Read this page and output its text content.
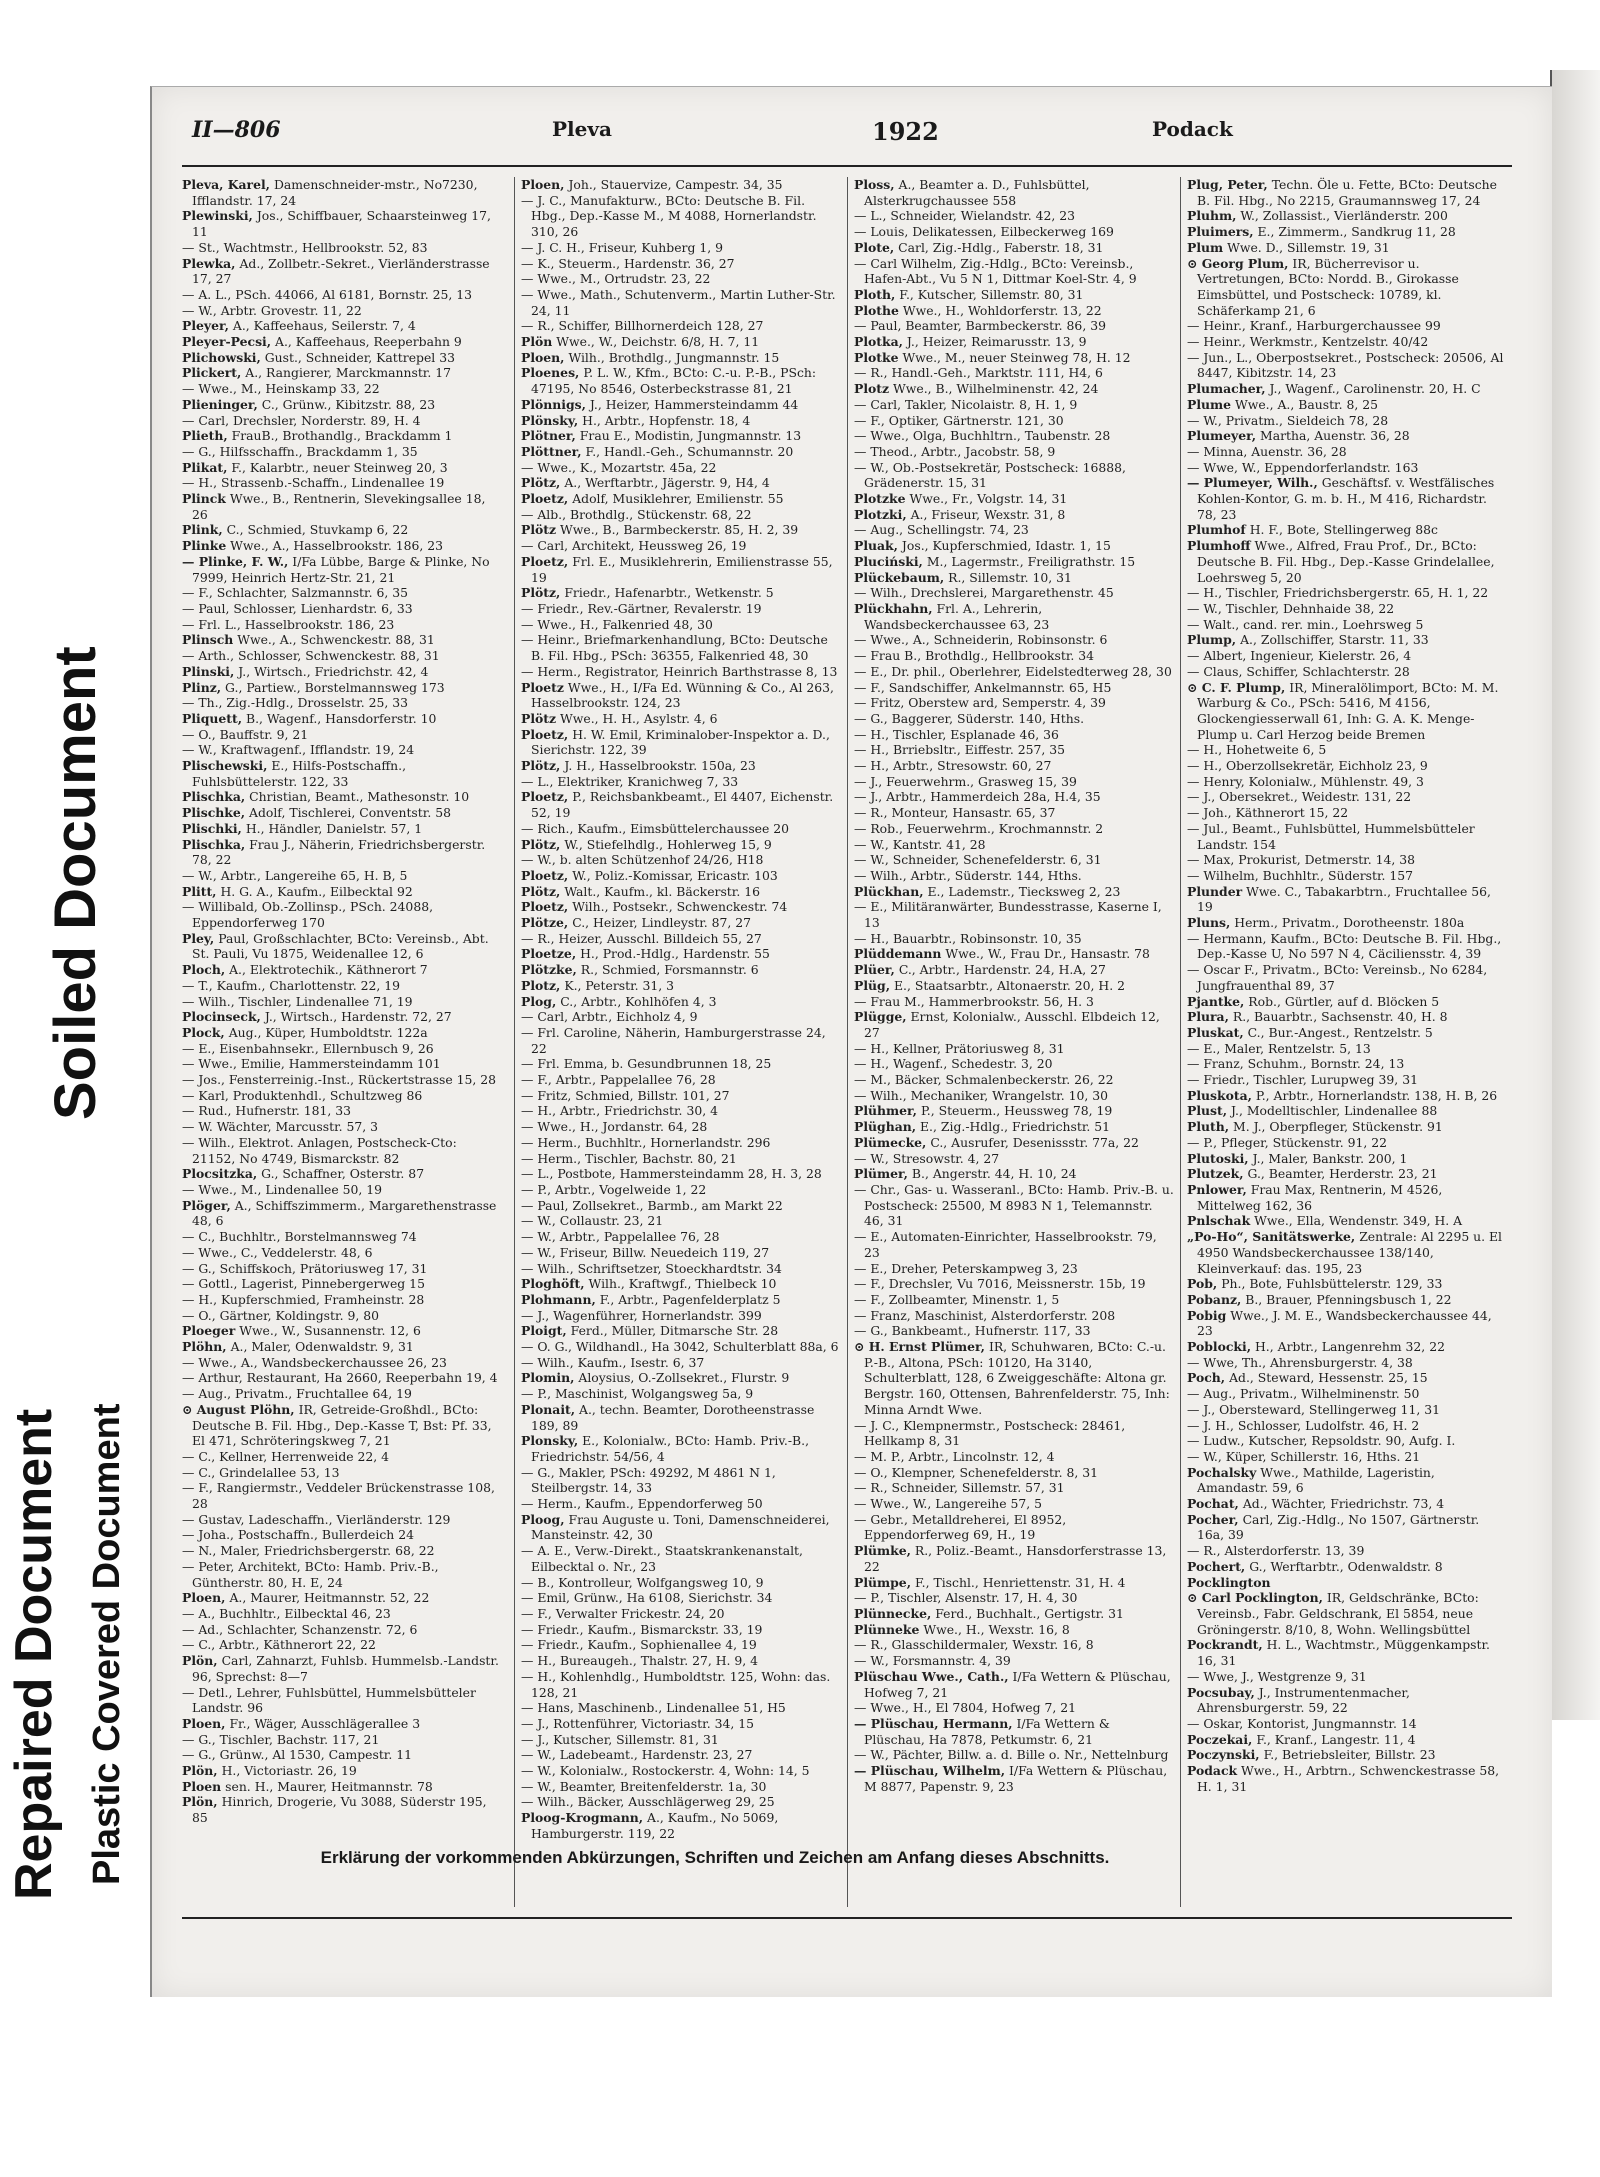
Soiled Document
Repaired Document Plastic Covered Document
II—806	Pleva	1922	Podack

Pleva, Karel, Damenschneider-mstr., No7230, Ifflandstr. 17, 24

Plewinski, Jos., Schiffbauer, Schaarsteinweg 17, 11

— St., Wachtmstr., Hellbrookstr. 52, 83

Plewka, Ad., Zollbetr.-Sekret., Vierländerstrasse 17, 27

— A. L., PSch. 44066, Al 6181, Bornstr. 25, 13

— W., Arbtr. Grovestr. 11, 22

Pleyer, A., Kaffeehaus, Seilerstr. 7, 4

Pleyer-Pecsi, A., Kaffeehaus, Reeperbahn 9

Plichowski, Gust., Schneider, Kattrepel 33

Plickert, A., Rangierer, Marckmannstr. 17

— Wwe., M., Heinskamp 33, 22

Plieninger, C., Grünw., Kibitzstr. 88, 23

— Carl, Drechsler, Norderstr. 89, H. 4

Plieth, FrauB., Brothandlg., Brackdamm 1

— G., Hilfsschaffn., Brackdamm 1, 35

Plikat, F., Kalarbtr., neuer Steinweg 20, 3

— H., Strassenb.-Schaffn., Lindenallee 19

Plinck Wwe., B., Rentnerin, Slevekingsallee 18, 26

Plink, C., Schmied, Stuvkamp 6, 22

Plinke Wwe., A., Hasselbrookstr. 186, 23

— Plinke, F. W., I/Fa Lübbe, Barge & Plinke, No 7999, Heinrich Hertz-Str. 21, 21

— F., Schlachter, Salzmannstr. 6, 35

— Paul, Schlosser, Lienhardstr. 6, 33

— Frl. L., Hasselbrookstr. 186, 23

Plinsch Wwe., A., Schwenckestr. 88, 31

— Arth., Schlosser, Schwenckestr. 88, 31

Plinski, J., Wirtsch., Friedrichstr. 42, 4

Plinz, G., Partiew., Borstelmannsweg 173

— Th., Zig.-Hdlg., Drosselstr. 25, 33

Pliquett, B., Wagenf., Hansdorferstr. 10

— O., Bauffstr. 9, 21

— W., Kraftwagenf., Ifflandstr. 19, 24

Plischewski, E., Hilfs-Postschaffn., Fuhlsbüttelerstr. 122, 33

Plischka, Christian, Beamt., Mathesonstr. 10

Plischke, Adolf, Tischlerei, Conventstr. 58

Plischki, H., Händler, Danielstr. 57, 1

Plischka, Frau J., Näherin, Friedrichsbergerstr. 78, 22

— W., Arbtr., Langereihe 65, H. B, 5

Plitt, H. G. A., Kaufm., Eilbecktal 92

— Willibald, Ob.-Zollinsp., PSch. 24088, Eppendorferweg 170

Pley, Paul, Großschlachter, BCto: Vereinsb., Abt. St. Pauli, Vu 1875, Weidenallee 12, 6

Ploch, A., Elektrotechik., Käthnerort 7

— T., Kaufm., Charlottenstr. 22, 19

— Wilh., Tischler, Lindenallee 71, 19

Plocinseck, J., Wirtsch., Hardenstr. 72, 27

Plock, Aug., Küper, Humboldtstr. 122a

— E., Eisenbahnsekr., Ellernbusch 9, 26

— Wwe., Emilie, Hammersteindamm 101

— Jos., Fensterreinig.-Inst., Rückertstrasse 15, 28

— Karl, Produktenhdl., Schultzweg 86

— Rud., Hufnerstr. 181, 33

— W. Wächter, Marcusstr. 57, 3

— Wilh., Elektrot. Anlagen, Postscheck-Cto: 21152, No 4749, Bismarckstr. 82

Plocsitzka, G., Schaffner, Osterstr. 87

— Wwe., M., Lindenallee 50, 19

Plöger, A., Schiffszimmerm., Margarethenstrasse 48, 6

— C., Buchhltr., Borstelmannsweg 74

— Wwe., C., Veddelerstr. 48, 6

— G., Schiffskoch, Prätoriusweg 17, 31

— Gottl., Lagerist, Pinnebergerweg 15

— H., Kupferschmied, Framheinstr. 28

— O., Gärtner, Koldingstr. 9, 80

Ploeger Wwe., W., Susannenstr. 12, 6

Plöhn, A., Maler, Odenwaldstr. 9, 31

— Wwe., A., Wandsbeckerchaussee 26, 23

— Arthur, Restaurant, Ha 2660, Reeperbahn 19, 4

— Aug., Privatm., Fruchtallee 64, 19

⊙ August Plöhn, IR, Getreide-Großhdl., BCto: Deutsche B. Fil. Hbg., Dep.-Kasse T, Bst: Pf. 33, El 471, Schröteringskweg 7, 21

— C., Kellner, Herrenweide 22, 4

— C., Grindelallee 53, 13

— F., Rangiermstr., Veddeler Brückenstrasse 108, 28

— Gustav, Ladeschaffn., Vierländerstr. 129

— Joha., Postschaffn., Bullerdeich 24

— N., Maler, Friedrichsbergerstr. 68, 22

— Peter, Architekt, BCto: Hamb. Priv.-B., Güntherstr. 80, H. E, 24

Ploen, A., Maurer, Heitmannstr. 52, 22

— A., Buchhltr., Eilbecktal 46, 23

— Ad., Schlachter, Schanzenstr. 72, 6

— C., Arbtr., Käthnerort 22, 22

Plön, Carl, Zahnarzt, Fuhlsb. Hummelsb.-Landstr. 96, Sprechst: 8—7

— Detl., Lehrer, Fuhlsbüttel, Hummelsbütteler Landstr. 96

Ploen, Fr., Wäger, Ausschlägerallee 3

— G., Tischler, Bachstr. 117, 21

— G., Grünw., Al 1530, Campestr. 11

Plön, H., Victoriastr. 26, 19

Ploen sen. H., Maurer, Heitmannstr. 78

Plön, Hinrich, Drogerie, Vu 3088, Süderstr 195, 85

Ploen, Joh., Stauervize, Campestr. 34, 35

— J. C., Manufakturw., BCto: Deutsche B. Fil. Hbg., Dep.-Kasse M., M 4088, Hornerlandstr. 310, 26

— J. C. H., Friseur, Kuhberg 1, 9

— K., Steuerm., Hardenstr. 36, 27

— Wwe., M., Ortrudstr. 23, 22

— Wwe., Math., Schutenverm., Martin Luther-Str. 24, 11

— R., Schiffer, Billhornerdeich 128, 27

Plön Wwe., W., Deichstr. 6/8, H. 7, 11

Ploen, Wilh., Brothdlg., Jungmannstr. 15

Ploenes, P. L. W., Kfm., BCto: C.-u. P.-B., PSch: 47195, No 8546, Osterbeckstrasse 81, 21

Plönnigs, J., Heizer, Hammersteindamm 44

Plönsky, H., Arbtr., Hopfenstr. 18, 4

Plötner, Frau E., Modistin, Jungmannstr. 13

Plöttner, F., Handl.-Geh., Schumannstr. 20

— Wwe., K., Mozartstr. 45a, 22

Plötz, A., Werftarbtr., Jägerstr. 9, H4, 4

Ploetz, Adolf, Musiklehrer, Emilienstr. 55

— Alb., Brothdlg., Stückenstr. 68, 22

Plötz Wwe., B., Barmbeckerstr. 85, H. 2, 39

— Carl, Architekt, Heussweg 26, 19

Ploetz, Frl. E., Musiklehrerin, Emilienstrasse 55, 19

Plötz, Friedr., Hafenarbtr., Wetkenstr. 5

— Friedr., Rev.-Gärtner, Revalerstr. 19

— Wwe., H., Falkenried 48, 30

— Heinr., Briefmarkenhandlung, BCto: Deutsche B. Fil. Hbg., PSch: 36355, Falkenried 48, 30

— Herm., Registrator, Heinrich Barthstrasse 8, 13

Ploetz Wwe., H., I/Fa Ed. Wünning & Co., Al 263, Hasselbrookstr. 124, 23

Plötz Wwe., H. H., Asylstr. 4, 6

Ploetz, H. W. Emil, Kriminalober-Inspektor a. D., Sierichstr. 122, 39

Plötz, J. H., Hasselbrookstr. 150a, 23

— L., Elektriker, Kranichweg 7, 33

Ploetz, P., Reichsbankbeamt., El 4407, Eichenstr. 52, 19

— Rich., Kaufm., Eimsbüttelerchaussee 20

Plötz, W., Stiefelhdlg., Hohlerweg 15, 9

— W., b. alten Schützenhof 24/26, H18

Ploetz, W., Poliz.-Komissar, Ericastr. 103

Plötz, Walt., Kaufm., kl. Bäckerstr. 16

Ploetz, Wilh., Postsekr., Schwenckestr. 74

Plötze, C., Heizer, Lindleystr. 87, 27

— R., Heizer, Ausschl. Billdeich 55, 27

Ploetze, H., Prod.-Hdlg., Hardenstr. 55

Plötzke, R., Schmied, Forsmannstr. 6

Plotz, K., Peterstr. 31, 3

Plog, C., Arbtr., Kohlhöfen 4, 3

— Carl, Arbtr., Eichholz 4, 9

— Frl. Caroline, Näherin, Hamburgerstrasse 24, 22

— Frl. Emma, b. Gesundbrunnen 18, 25

— F., Arbtr., Pappelallee 76, 28

— Fritz, Schmied, Billstr. 101, 27

— H., Arbtr., Friedrichstr. 30, 4

— Wwe., H., Jordanstr. 64, 28

— Herm., Buchhltr., Hornerlandstr. 296

— Herm., Tischler, Bachstr. 80, 21

— L., Postbote, Hammersteindamm 28, H. 3, 28

— P., Arbtr., Vogelweide 1, 22

— Paul, Zollsekret., Barmb., am Markt 22

— W., Collaustr. 23, 21

— W., Arbtr., Pappelallee 76, 28

— W., Friseur, Billw. Neuedeich 119, 27

— Wilh., Schriftsetzer, Stoeckhardtstr. 34

Ploghöft, Wilh., Kraftwgf., Thielbeck 10

Plohmann, F., Arbtr., Pagenfelderplatz 5

— J., Wagenführer, Hornerlandstr. 399

Ploigt, Ferd., Müller, Ditmarsche Str. 28

— O. G., Wildhandl., Ha 3042, Schulterblatt 88a, 6

— Wilh., Kaufm., Isestr. 6, 37

Plomin, Aloysius, O.-Zollsekret., Flurstr. 9

— P., Maschinist, Wolgangsweg 5a, 9

Plonait, A., techn. Beamter, Dorotheenstrasse 189, 89

Plonsky, E., Kolonialw., BCto: Hamb. Priv.-B., Friedrichstr. 54/56, 4

— G., Makler, PSch: 49292, M 4861 N 1, Steilbergstr. 14, 33

— Herm., Kaufm., Eppendorferweg 50

Ploog, Frau Auguste u. Toni, Damenschneiderei, Mansteinstr. 42, 30

— A. E., Verw.-Direkt., Staatskrankenanstalt, Eilbecktal o. Nr., 23

— B., Kontrolleur, Wolfgangsweg 10, 9

— Emil, Grünw., Ha 6108, Sierichstr. 34

— F., Verwalter Frickestr. 24, 20

— Friedr., Kaufm., Bismarckstr. 33, 19

— Friedr., Kaufm., Sophienallee 4, 19

— H., Bureaugeh., Thalstr. 27, H. 9, 4

— H., Kohlenhdlg., Humboldtstr. 125, Wohn: das. 128, 21

— Hans, Maschinenb., Lindenallee 51, H5

— J., Rottenführer, Victoriastr. 34, 15

— J., Kutscher, Sillemstr. 81, 31

— W., Ladebeamt., Hardenstr. 23, 27

— W., Kolonialw., Rostockerstr. 4, Wohn: 14, 5

— W., Beamter, Breitenfelderstr. 1a, 30

— Wilh., Bäcker, Ausschlägerweg 29, 25

Ploog-Krogmann, A., Kaufm., No 5069, Hamburgerstr. 119, 22

Ploss, A., Beamter a. D., Fuhlsbüttel, Alsterkrugchaussee 558

— L., Schneider, Wielandstr. 42, 23

— Louis, Delikatessen, Eilbeckerweg 169

Plote, Carl, Zig.-Hdlg., Faberstr. 18, 31

— Carl Wilhelm, Zig.-Hdlg., BCto: Vereinsb., Hafen-Abt., Vu 5 N 1, Dittmar Koel-Str. 4, 9

Ploth, F., Kutscher, Sillemstr. 80, 31

Plothe Wwe., H., Wohldorferstr. 13, 22

— Paul, Beamter, Barmbeckerstr. 86, 39

Plotka, J., Heizer, Reimarusstr. 13, 9

Plotke Wwe., M., neuer Steinweg 78, H. 12

— R., Handl.-Geh., Marktstr. 111, H4, 6

Plotz Wwe., B., Wilhelminenstr. 42, 24

— Carl, Takler, Nicolaistr. 8, H. 1, 9

— F., Optiker, Gärtnerstr. 121, 30

— Wwe., Olga, Buchhltrn., Taubenstr. 28

— Theod., Arbtr., Jacobstr. 58, 9

— W., Ob.-Postsekretär, Postscheck: 16888, Grädenerstr. 15, 31

Plotzke Wwe., Fr., Volgstr. 14, 31

Plotzki, A., Friseur, Wexstr. 31, 8

— Aug., Schellingstr. 74, 23

Pluak, Jos., Kupferschmied, Idastr. 1, 15

Pluciński, M., Lagermstr., Freiligrathstr. 15

Plückebaum, R., Sillemstr. 10, 31

— Wilh., Drechslerei, Margarethenstr. 45

Plückhahn, Frl. A., Lehrerin, Wandsbeckerchaussee 63, 23

— Wwe., A., Schneiderin, Robinsonstr. 6

— Frau B., Brothdlg., Hellbrookstr. 34

— E., Dr. phil., Oberlehrer, Eidelstedterweg 28, 30

— F., Sandschiffer, Ankelmannstr. 65, H5

— Fritz, Oberstew ard, Semperstr. 4, 39

— G., Baggerer, Süderstr. 140, Hths.

— H., Tischler, Esplanade 46, 36

— H., Brriebsltr., Eiffestr. 257, 35

— H., Arbtr., Stresowstr. 60, 27

— J., Feuerwehrm., Grasweg 15, 39

— J., Arbtr., Hammerdeich 28a, H.4, 35

— R., Monteur, Hansastr. 65, 37

— Rob., Feuerwehrm., Krochmannstr. 2

— W., Kantstr. 41, 28

— W., Schneider, Schenefelderstr. 6, 31

— Wilh., Arbtr., Süderstr. 144, Hths.

Plückhan, E., Lademstr., Tiecksweg 2, 23

— E., Militäranwärter, Bundesstrasse, Kaserne I, 13

— H., Bauarbtr., Robinsonstr. 10, 35

Plüddemann Wwe., W., Frau Dr., Hansastr. 78

Plüer, C., Arbtr., Hardenstr. 24, H.A, 27

Plüg, E., Staatsarbtr., Altonaerstr. 20, H. 2

— Frau M., Hammerbrookstr. 56, H. 3

Plügge, Ernst, Kolonialw., Ausschl. Elbdeich 12, 27

— H., Kellner, Prätoriusweg 8, 31

— H., Wagenf., Schedestr. 3, 20

— M., Bäcker, Schmalenbeckerstr. 26, 22

— Wilh., Mechaniker, Wrangelstr. 10, 30

Plühmer, P., Steuerm., Heussweg 78, 19

Plüghan, E., Zig.-Hdlg., Friedrichstr. 51

Plümecke, C., Ausrufer, Desenissstr. 77a, 22

— W., Stresowstr. 4, 27

Plümer, B., Angerstr. 44, H. 10, 24

— Chr., Gas- u. Wasseranl., BCto: Hamb. Priv.-B. u. Postscheck: 25500, M 8983 N 1, Telemannstr. 46, 31

— E., Automaten-Einrichter, Hasselbrookstr. 79, 23

— E., Dreher, Peterskampweg 3, 23

— F., Drechsler, Vu 7016, Meissnerstr. 15b, 19

— F., Zollbeamter, Minenstr. 1, 5

— Franz, Maschinist, Alsterdorferstr. 208

— G., Bankbeamt., Hufnerstr. 117, 33

⊙ H. Ernst Plümer, IR, Schuhwaren, BCto: C.-u. P.-B., Altona, PSch: 10120, Ha 3140, Schulterblatt, 128, 6 Zweiggeschäfte: Altona gr. Bergstr. 160, Ottensen, Bahrenfelderstr. 75, Inh: Minna Arndt Wwe.

— J. C., Klempnermstr., Postscheck: 28461, Hellkamp 8, 31

— M. P., Arbtr., Lincolnstr. 12, 4

— O., Klempner, Schenefelderstr. 8, 31

— R., Schneider, Sillemstr. 57, 31

— Wwe., W., Langereihe 57, 5

— Gebr., Metalldreherei, El 8952, Eppendorferweg 69, H., 19

Plümke, R., Poliz.-Beamt., Hansdorferstrasse 13, 22

Plümpe, F., Tischl., Henriettenstr. 31, H. 4

— P., Tischler, Alsenstr. 17, H. 4, 30

Plünnecke, Ferd., Buchhalt., Gertigstr. 31

Plünneke Wwe., H., Wexstr. 16, 8

— R., Glasschildermaler, Wexstr. 16, 8

— W., Forsmannstr. 4, 39

Plüschau Wwe., Cath., I/Fa Wettern & Plüschau, Hofweg 7, 21

— Wwe., H., El 7804, Hofweg 7, 21

— Plüschau, Hermann, I/Fa Wettern & Plüschau, Ha 7878, Petkumstr. 6, 21

— W., Pächter, Billw. a. d. Bille o. Nr., Nettelnburg

— Plüschau, Wilhelm, I/Fa Wettern & Plüschau, M 8877, Papenstr. 9, 23

Plug, Peter, Techn. Öle u. Fette, BCto: Deutsche B. Fil. Hbg., No 2215, Graumannsweg 17, 24

Pluhm, W., Zollassist., Vierländerstr. 200

Pluimers, E., Zimmerm., Sandkrug 11, 28

Plum Wwe. D., Sillemstr. 19, 31

⊙ Georg Plum, IR, Bücherrevisor u. Vertretungen, BCto: Nordd. B., Girokasse Eimsbüttel, und Postscheck: 10789, kl. Schäferkamp 21, 6

— Heinr., Kranf., Harburgerchaussee 99

— Heinr., Werkmstr., Kentzelstr. 40/42

— Jun., L., Oberpostsekret., Postscheck: 20506, Al 8447, Kibitzstr. 14, 23

Plumacher, J., Wagenf., Carolinenstr. 20, H. C

Plume Wwe., A., Baustr. 8, 25

— W., Privatm., Sieldeich 78, 28

Plumeyer, Martha, Auenstr. 36, 28

— Minna, Auenstr. 36, 28

— Wwe, W., Eppendorferlandstr. 163

— Plumeyer, Wilh., Geschäftsf. v. Westfälisches Kohlen-Kontor, G. m. b. H., M 416, Richardstr. 78, 23

Plumhof H. F., Bote, Stellingerweg 88c

Plumhoff Wwe., Alfred, Frau Prof., Dr., BCto: Deutsche B. Fil. Hbg., Dep.-Kasse Grindelallee, Loehrsweg 5, 20

— H., Tischler, Friedrichsbergerstr. 65, H. 1, 22

— W., Tischler, Dehnhaide 38, 22

— Walt., cand. rer. min., Loehrsweg 5

Plump, A., Zollschiffer, Starstr. 11, 33

— Albert, Ingenieur, Kielerstr. 26, 4

— Claus, Schiffer, Schlachterstr. 28

⊙ C. F. Plump, IR, Mineralölimport, BCto: M. M. Warburg & Co., PSch: 5416, M 4156, Glockengiesserwall 61, Inh: G. A. K. Menge-Plump u. Carl Herzog beide Bremen

— H., Hohetweite 6, 5

— H., Oberzollsekretär, Eichholz 23, 9

— Henry, Kolonialw., Mühlenstr. 49, 3

— J., Obersekret., Weidestr. 131, 22

— Joh., Käthnerort 15, 22

— Jul., Beamt., Fuhlsbüttel, Hummelsbütteler Landstr. 154

— Max, Prokurist, Detmerstr. 14, 38

— Wilhelm, Buchhltr., Süderstr. 157

Plunder Wwe. C., Tabakarbtrn., Fruchtallee 56, 19

Pluns, Herm., Privatm., Dorotheenstr. 180a

— Hermann, Kaufm., BCto: Deutsche B. Fil. Hbg., Dep.-Kasse U, No 597 N 4, Cäciliensstr. 4, 39

— Oscar F., Privatm., BCto: Vereinsb., No 6284, Jungfrauenthal 89, 37

Pjantke, Rob., Gürtler, auf d. Blöcken 5

Plura, R., Bauarbtr., Sachsenstr. 40, H. 8

Pluskat, C., Bur.-Angest., Rentzelstr. 5

— E., Maler, Rentzelstr. 5, 13

— Franz, Schuhm., Bornstr. 24, 13

— Friedr., Tischler, Lurupweg 39, 31

Pluskota, P., Arbtr., Hornerlandstr. 138, H. B, 26

Plust, J., Modelltischler, Lindenallee 88

Pluth, M. J., Oberpfleger, Stückenstr. 91

— P., Pfleger, Stückenstr. 91, 22

Plutoski, J., Maler, Bankstr. 200, 1

Plutzek, G., Beamter, Herderstr. 23, 21

Pnlower, Frau Max, Rentnerin, M 4526, Mittelweg 162, 36

Pnlschak Wwe., Ella, Wendenstr. 349, H. A

„Po-Ho“, Sanitätswerke, Zentrale: Al 2295 u. El 4950 Wandsbeckerchaussee 138/140, Kleinverkauf: das. 195, 23

Pob, Ph., Bote, Fuhlsbüttelerstr. 129, 33

Pobanz, B., Brauer, Pfenningsbusch 1, 22

Pobig Wwe., J. M. E., Wandsbeckerchaussee 44, 23

Poblocki, H., Arbtr., Langenrehm 32, 22

— Wwe, Th., Ahrensburgerstr. 4, 38

Poch, Ad., Steward, Hessenstr. 25, 15

— Aug., Privatm., Wilhelminenstr. 50

— J., Obersteward, Stellingerweg 11, 31

— J. H., Schlosser, Ludolfstr. 46, H. 2

— Ludw., Kutscher, Repsoldstr. 90, Aufg. I.

— W., Küper, Schillerstr. 16, Hths. 21

Pochalsky Wwe., Mathilde, Lageristin, Amandastr. 59, 6

Pochat, Ad., Wächter, Friedrichstr. 73, 4

Pocher, Carl, Zig.-Hdlg., No 1507, Gärtnerstr. 16a, 39

— R., Alsterdorferstr. 13, 39

Pochert, G., Werftarbtr., Odenwaldstr. 8

Pocklington

⊙ Carl Pocklington, IR, Geldschränke, BCto: Vereinsb., Fabr. Geldschrank, El 5854, neue Gröningerstr. 8/10, 8, Wohn. Wellingsbüttel

Pockrandt, H. L., Wachtmstr., Müggenkampstr. 16, 31

— Wwe, J., Westgrenze 9, 31

Pocsubay, J., Instrumentenmacher, Ahrensburgerstr. 59, 22

— Oskar, Kontorist, Jungmannstr. 14

Poczekai, F., Kranf., Langestr. 11, 4

Poczynski, F., Betriebsleiter, Billstr. 23

Podack Wwe., H., Arbtrn., Schwenckestrasse 58, H. 1, 31

Erklärung der vorkommenden Abkürzungen, Schriften und Zeichen am Anfang dieses Abschnitts.
